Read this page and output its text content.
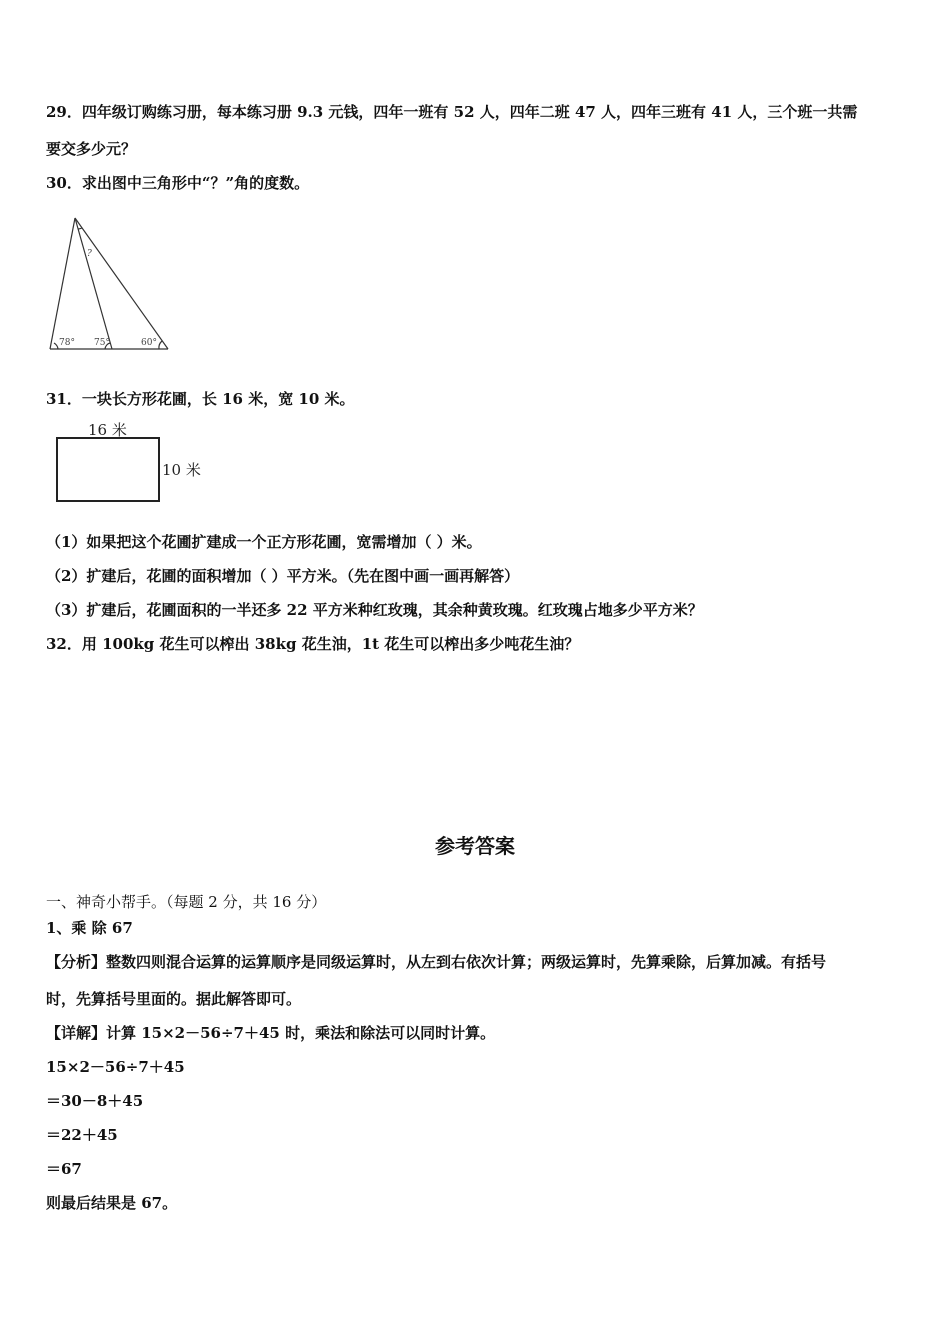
29．四年级订购练习册，每本练习册 9.3 元钱，四年一班有 52 人，四年二班 47 人，四年三班有 41 人，三个班一共需
要交多少元？
30．求出图中三角形中“？”角的度数。
?
78° 75°	60°
31．一块长方形花圃，长 16 米，宽 10 米。
16 米
10 米
（1）如果把这个花圃扩建成一个正方形花圃，宽需增加（ ）米。
（2）扩建后，花圃的面积增加（ ）平方米。（先在图中画一画再解答）
（3）扩建后，花圃面积的一半还多 22 平方米种红玫瑰，其余种黄玫瑰。红玫瑰占地多少平方米？
32．用 100kg 花生可以榨出 38kg 花生油，1t 花生可以榨出多少吨花生油？
参考答案
一、神奇小帮手。（每题 2 分，共 16 分）
1、乘 除 67
【分析】整数四则混合运算的运算顺序是同级运算时，从左到右依次计算；两级运算时，先算乘除，后算加减。有括号
时，先算括号里面的。据此解答即可。
【详解】计算 15×2－56÷7＋45 时，乘法和除法可以同时计算。
15×2－56÷7＋45
＝30－8＋45
＝22＋45
＝67
则最后结果是 67。
